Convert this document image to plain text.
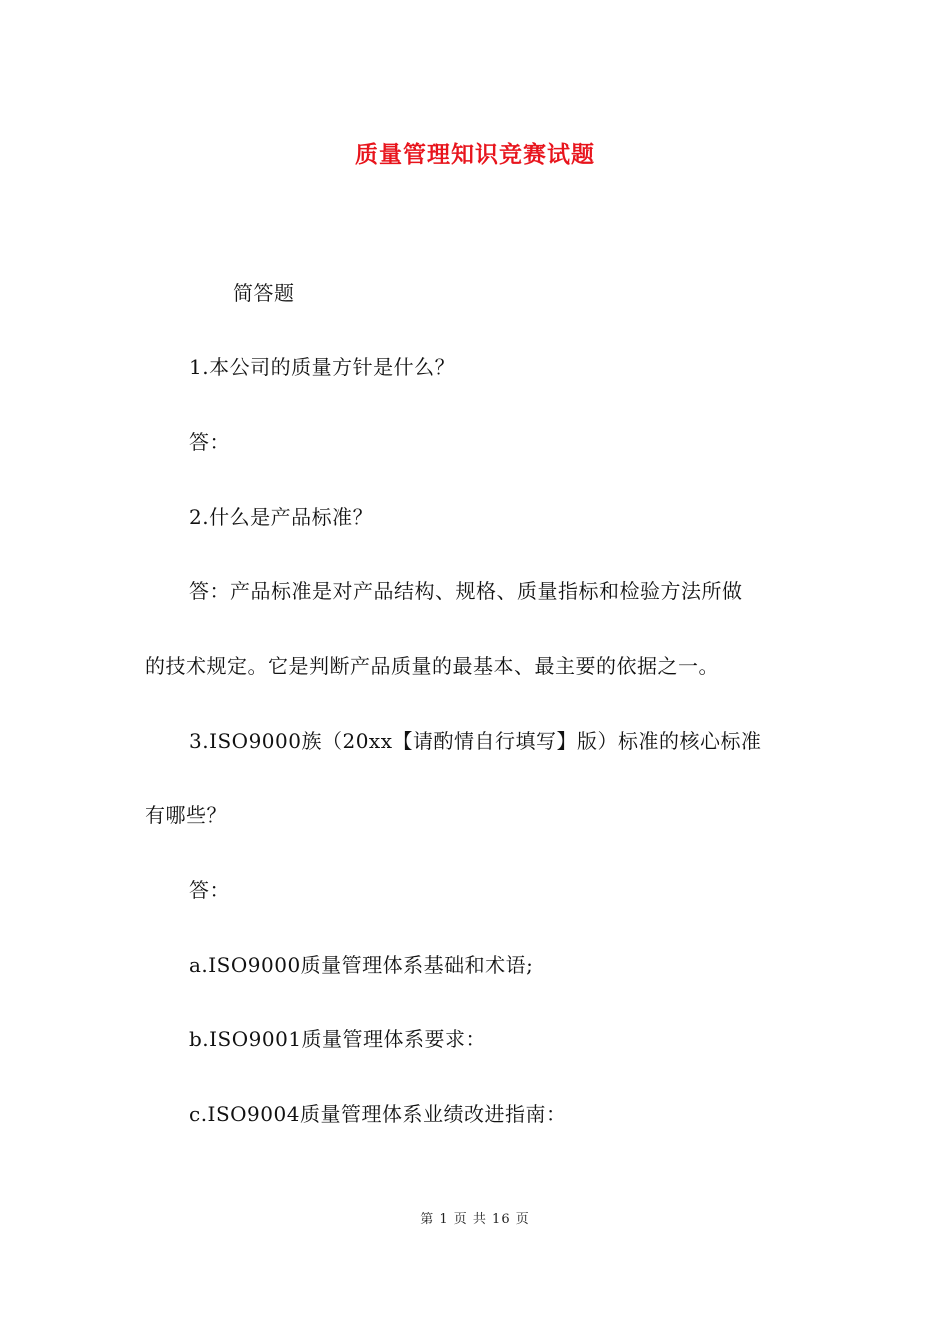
质量管理知识竞赛试题

简答题

1.本公司的质量方针是什么？

答：

2.什么是产品标准？

答：产品标准是对产品结构、规格、质量指标和检验方法所做

的技术规定。它是判断产品质量的最基本、最主要的依据之一。

3.ISO9000族（20xx【请酌情自行填写】版）标准的核心标准

有哪些？

答：

a.ISO9000质量管理体系基础和术语;

b.ISO9001质量管理体系要求：

c.ISO9004质量管理体系业绩改进指南：

第 1 页 共 16 页
